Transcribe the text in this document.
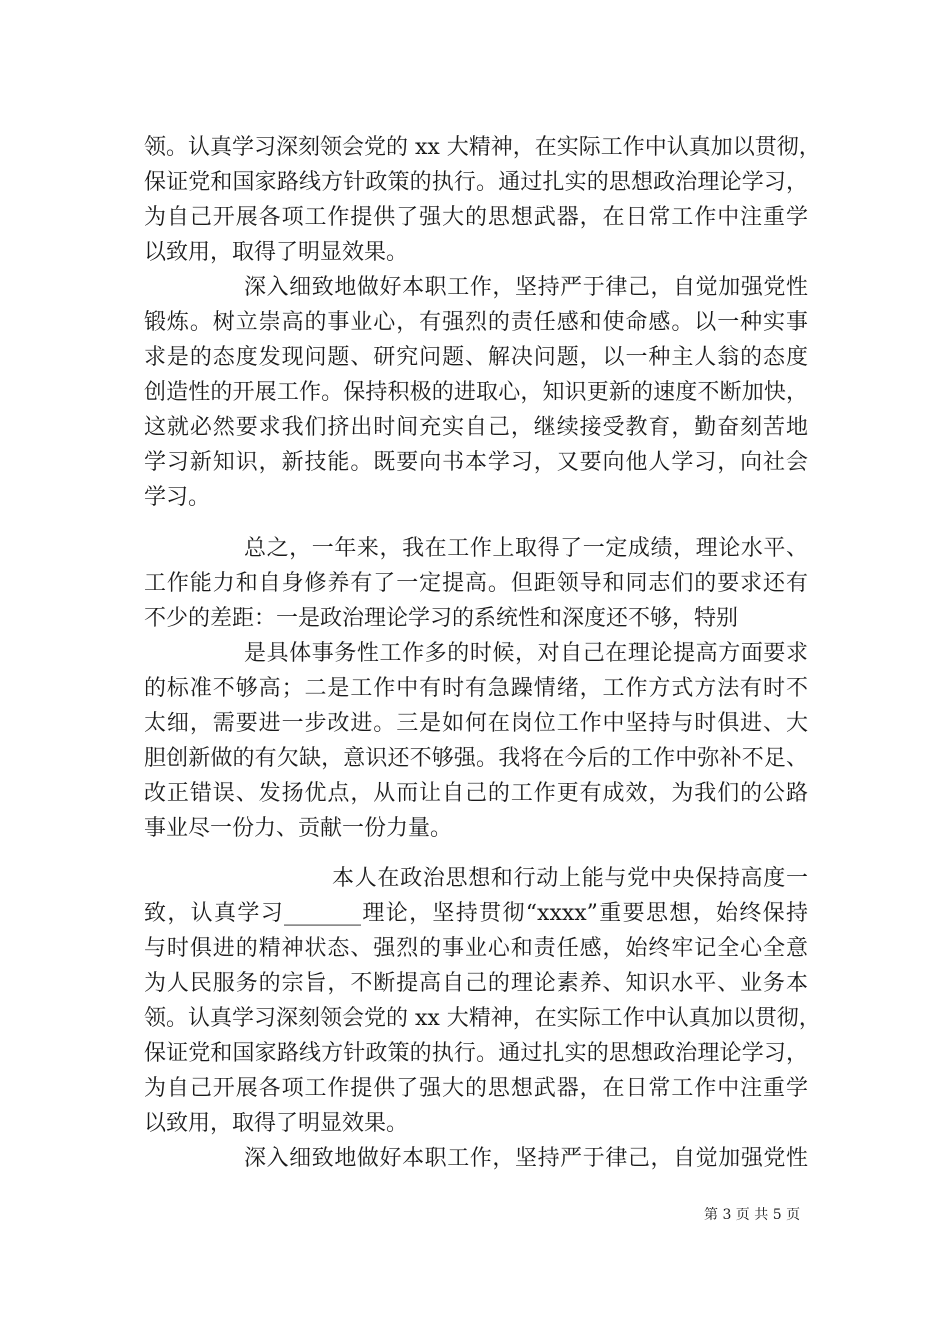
领。认真学习深刻领会党的 xx 大精神，在实际工作中认真加以贯彻，
保证党和国家路线方针政策的执行。通过扎实的思想政治理论学习，
为自己开展各项工作提供了强大的思想武器，在日常工作中注重学
以致用，取得了明显效果。
深入细致地做好本职工作，坚持严于律己，自觉加强党性
锻炼。树立崇高的事业心，有强烈的责任感和使命感。以一种实事
求是的态度发现问题、研究问题、解决问题，以一种主人翁的态度
创造性的开展工作。保持积极的进取心，知识更新的速度不断加快，
这就必然要求我们挤出时间充实自己，继续接受教育，勤奋刻苦地
学习新知识，新技能。既要向书本学习，又要向他人学习，向社会
学习。
总之，一年来，我在工作上取得了一定成绩，理论水平、
工作能力和自身修养有了一定提高。但距领导和同志们的要求还有
不少的差距：一是政治理论学习的系统性和深度还不够，特别
是具体事务性工作多的时候，对自己在理论提高方面要求
的标准不够高；二是工作中有时有急躁情绪，工作方式方法有时不
太细，需要进一步改进。三是如何在岗位工作中坚持与时俱进、大
胆创新做的有欠缺，意识还不够强。我将在今后的工作中弥补不足、
改正错误、发扬优点，从而让自己的工作更有成效，为我们的公路
事业尽一份力、贡献一份力量。
本人在政治思想和行动上能与党中央保持高度一
致，认真学习_______理论，坚持贯彻“xxxx”重要思想，始终保持
与时俱进的精神状态、强烈的事业心和责任感，始终牢记全心全意
为人民服务的宗旨，不断提高自己的理论素养、知识水平、业务本
领。认真学习深刻领会党的 xx 大精神，在实际工作中认真加以贯彻，
保证党和国家路线方针政策的执行。通过扎实的思想政治理论学习，
为自己开展各项工作提供了强大的思想武器，在日常工作中注重学
以致用，取得了明显效果。
深入细致地做好本职工作，坚持严于律己，自觉加强党性
第 3 页 共 5 页
